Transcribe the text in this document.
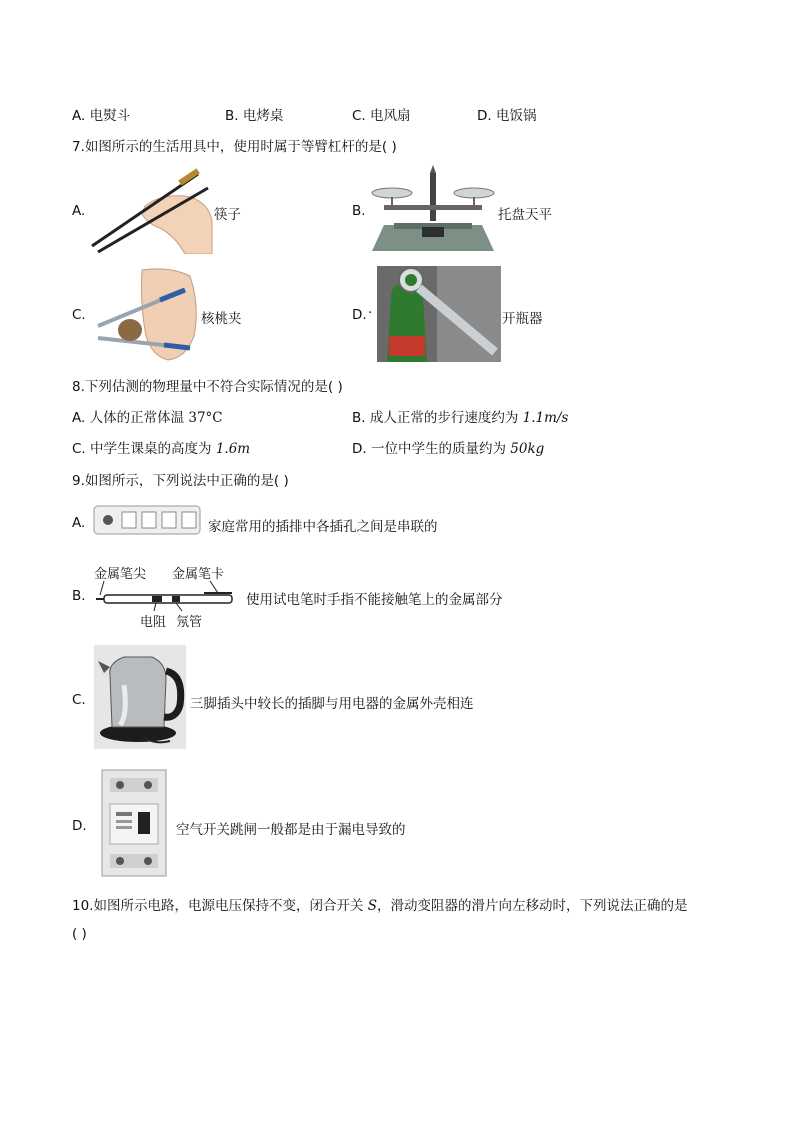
A. 电熨斗	B. 电烤桌	C. 电风扇	D. 电饭锅
7.如图所示的生活用具中，使用时属于等臂杠杆的是( )
A.	筷子	B.	托盘天平
C.	核桃夹	D. ·	开瓶器
8.下列估测的物理量中不符合实际情况的是( )
A. 人体的正常体温 37°C	B. 成人正常的步行速度约为 1.1m/s
C. 中学生课桌的高度为 1.6m	D. 一位中学生的质量约为 50kg
9.如图所示，下列说法中正确的是( )
A.	家庭常用的插排中各插孔之间是串联的
B.
金属笔尖 金属笔卡
电阻 氖管
使用试电笔时手指不能接触笔上的金属部分
C.	三脚插头中较长的插脚与用电器的金属外壳相连
D.	空气开关跳闸一般都是由于漏电导致的
10.如图所示电路，电源电压保持不变，闭合开关 S，滑动变阻器的滑片向左移动时，下列说法正确的是
( )
